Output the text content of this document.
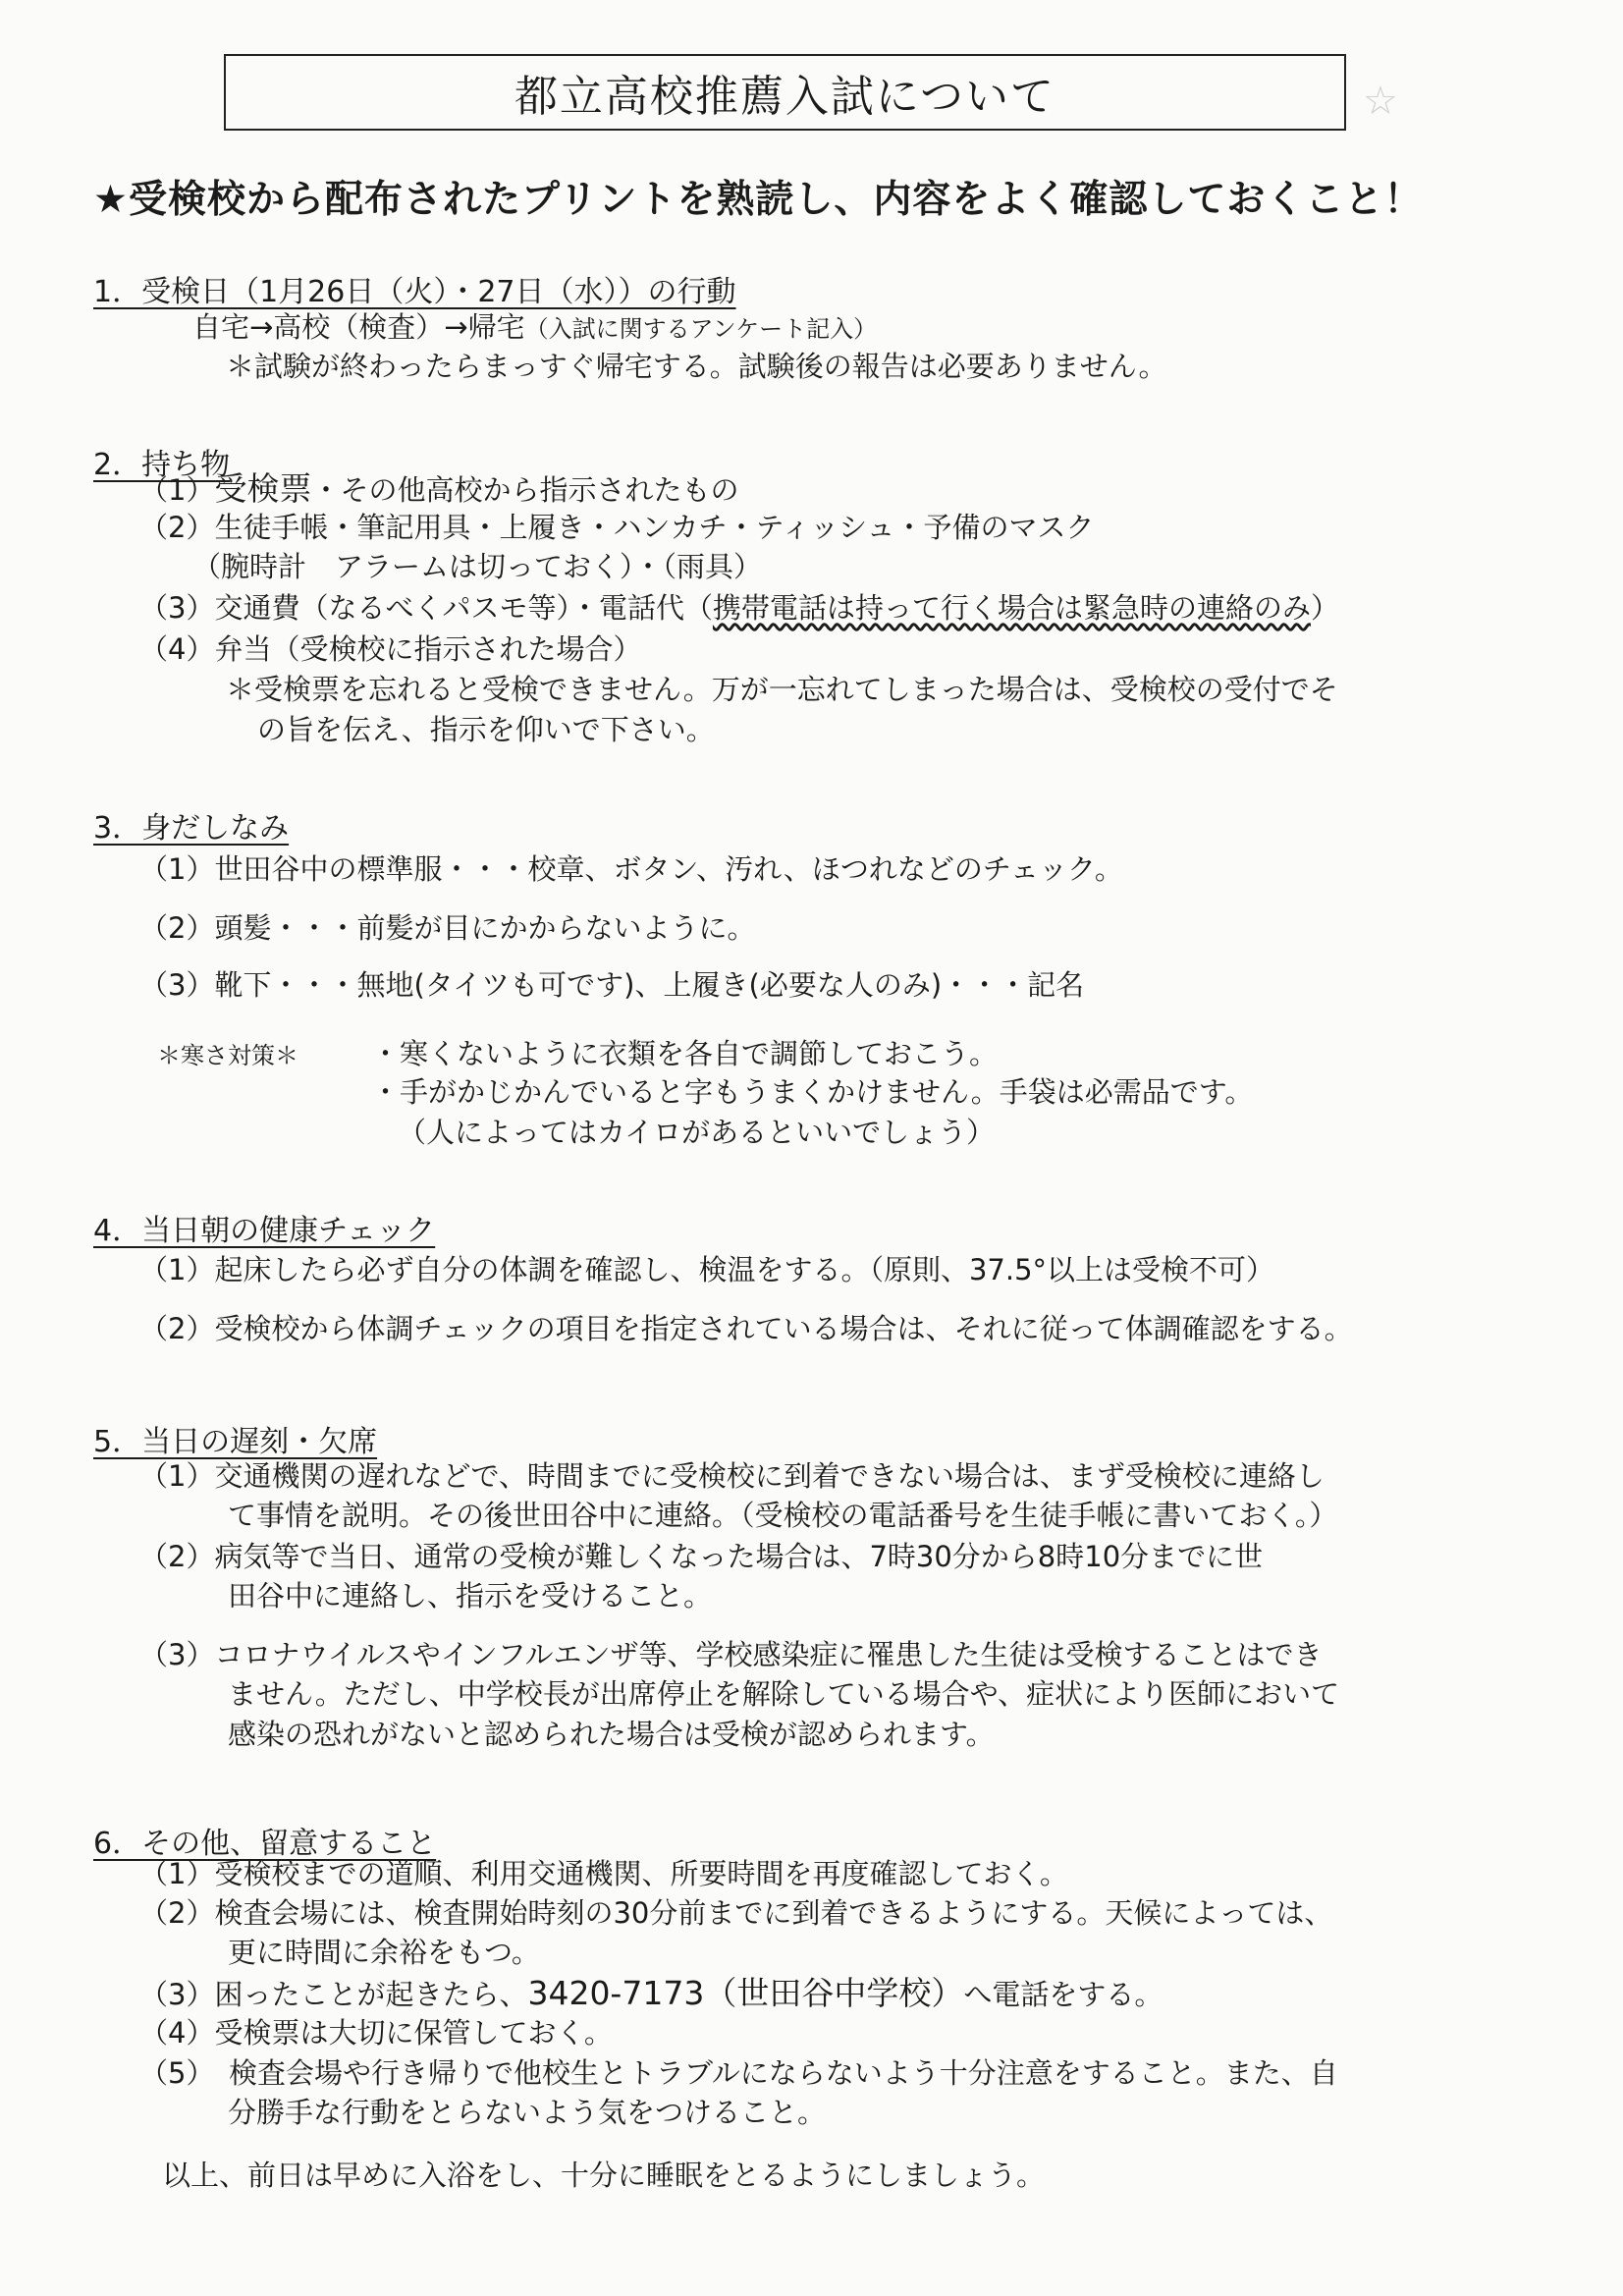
都立高校推薦入試について	☆
★受検校から配布されたプリントを熟読し、内容をよく確認しておくこと！
1．受検日（1月26日（火）・27日（水））の行動
自宅→高校（検査）→帰宅（入試に関するアンケート記入）
＊試験が終わったらまっすぐ帰宅する。試験後の報告は必要ありません。
2．持ち物
（1）受検票・その他高校から指示されたもの
（2）生徒手帳・筆記用具・上履き・ハンカチ・ティッシュ・予備のマスク
（腕時計　アラームは切っておく）・（雨具）
（3）交通費（なるべくパスモ等）・電話代（携帯電話は持って行く場合は緊急時の連絡のみ）
（4）弁当（受検校に指示された場合）
＊受検票を忘れると受検できません。万が一忘れてしまった場合は、受検校の受付でそ
の旨を伝え、指示を仰いで下さい。
3．身だしなみ
（1）世田谷中の標準服・・・校章、ボタン、汚れ、ほつれなどのチェック。
（2）頭髪・・・前髪が目にかからないように。
（3）靴下・・・無地(タイツも可です)、上履き(必要な人のみ)・・・記名
＊寒さ対策＊	・寒くないように衣類を各自で調節しておこう。
・手がかじかんでいると字もうまくかけません。手袋は必需品です。
（人によってはカイロがあるといいでしょう）
4．当日朝の健康チェック
（1）起床したら必ず自分の体調を確認し、検温をする。（原則、37.5°以上は受検不可）
（2）受検校から体調チェックの項目を指定されている場合は、それに従って体調確認をする。
5．当日の遅刻・欠席
（1）交通機関の遅れなどで、時間までに受検校に到着できない場合は、まず受検校に連絡し
て事情を説明。その後世田谷中に連絡。（受検校の電話番号を生徒手帳に書いておく。）
（2）病気等で当日、通常の受検が難しくなった場合は、7時30分から8時10分までに世
田谷中に連絡し、指示を受けること。
（3）コロナウイルスやインフルエンザ等、学校感染症に罹患した生徒は受検することはでき
ません。ただし、中学校長が出席停止を解除している場合や、症状により医師において
感染の恐れがないと認められた場合は受検が認められます。
6．その他、留意すること
（1）受検校までの道順、利用交通機関、所要時間を再度確認しておく。
（2）検査会場には、検査開始時刻の30分前までに到着できるようにする。天候によっては、
更に時間に余裕をもつ。
（3）困ったことが起きたら、3420-7173（世田谷中学校）へ電話をする。
（4）受検票は大切に保管しておく。
（5）　検査会場や行き帰りで他校生とトラブルにならないよう十分注意をすること。また、自
分勝手な行動をとらないよう気をつけること。
以上、前日は早めに入浴をし、十分に睡眠をとるようにしましょう。
